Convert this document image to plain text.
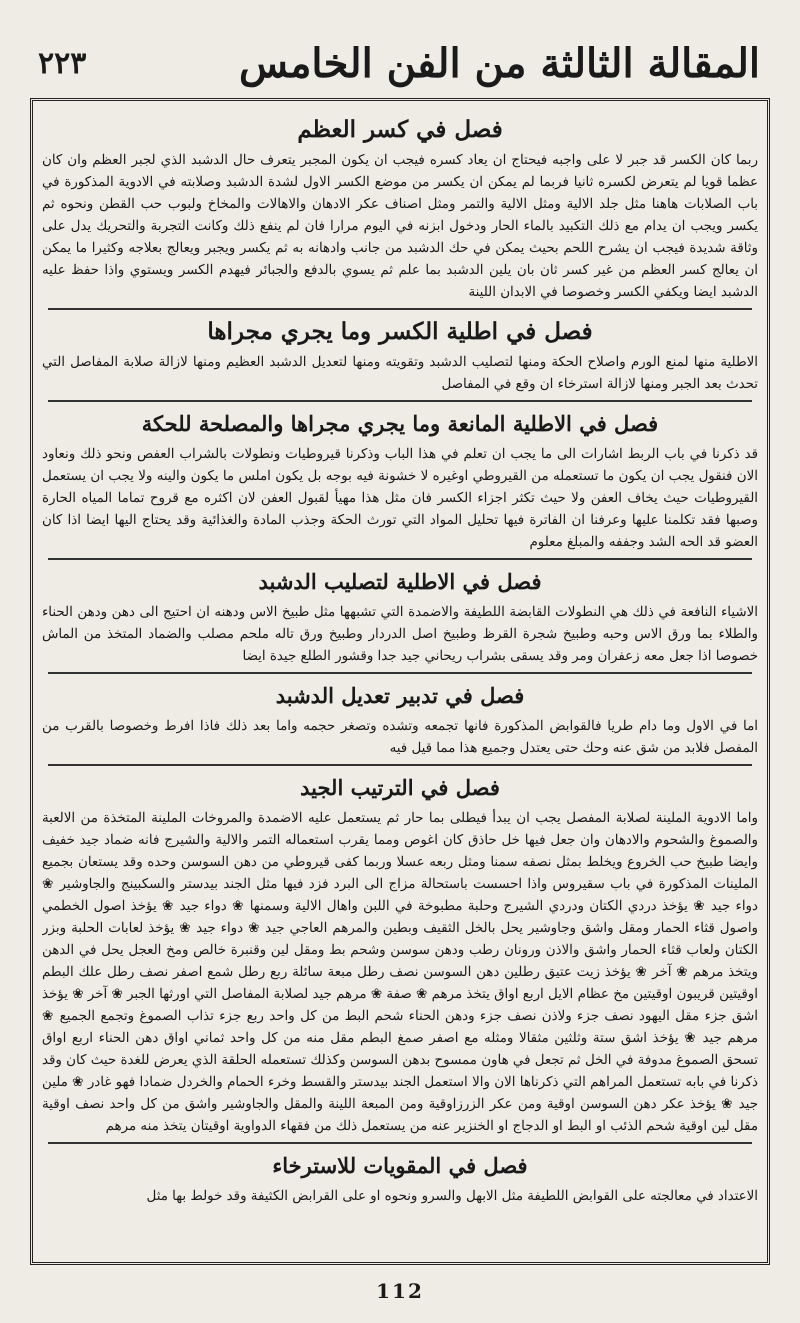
المقالة الثالثة من الفن الخامس
٢٢٣
فصل في كسر العظم

ربما كان الكسر قد جبر لا على واجبه فيحتاج ان يعاد كسره فيجب ان يكون المجبر يتعرف حال الدشبد الذي لجبر العظم وان كان عظما قويا لم يتعرض لكسره ثانيا فربما لم يمكن ان يكسر من موضع الكسر الاول لشدة الدشبد وصلابته في الادوية المذكورة في باب الصلابات هاهنا مثل جلد الالية ومثل الالية والتمر ومثل اصناف عكر الادهان والاهالات والمخاخ ولبوب حب القطن ونحوه ثم يكسر ويجب ان يدام مع ذلك التكبيد بالماء الحار ودخول ابزنه في اليوم مرارا فان لم ينفع ذلك وكانت التجربة والتحريك يدل على وثاقة شديدة فيجب ان يشرح اللحم بحيث يمكن في حك الدشبد من جانب وادهانه به ثم يكسر ويجبر ويعالج بعلاجه وكثيرا ما يمكن ان يعالج كسر العظم من غير كسر ثان بان يلين الدشبد بما علم ثم يسوي بالدفع والجبائر فيهدم الكسر ويستوي واذا حفظ عليه الدشبد ايضا ويكفي الكسر وخصوصا في الابدان اللينة

فصل في اطلية الكسر وما يجري مجراها

الاطلية منها لمنع الورم واصلاح الحكة ومنها لتصليب الدشبد وتقويته ومنها لتعديل الدشبد العظيم ومنها لازالة صلابة المفاصل التي تحدث بعد الجبر ومنها لازالة استرخاء ان وقع في المفاصل

فصل في الاطلية المانعة وما يجري مجراها والمصلحة للحكة

قد ذكرنا في باب الربط اشارات الى ما يجب ان تعلم في هذا الباب وذكرنا قيروطيات ونطولات بالشراب العفص ونحو ذلك ونعاود الان فنقول يجب ان يكون ما تستعمله من القيروطي اوغيره لا خشونة فيه بوجه بل يكون املس ما يكون والينه ولا يجب ان يستعمل القيروطيات حيث يخاف العفن ولا حيث تكثر اجزاء الكسر فان مثل هذا مهيأ لقبول العفن لان اكثره مع قروح تماما المياه الحارة وصبها فقد تكلمنا عليها وعرفنا ان الفاترة فيها تحليل المواد التي تورث الحكة وجذب المادة والغذائية وقد يحتاج اليها ايضا اذا كان العضو قد الحه الشد وجففه والمبلغ معلوم

فصل في الاطلية لتصليب الدشبد

الاشياء النافعة في ذلك هي النطولات القابضة اللطيفة والاضمدة التي تشبهها مثل طبيخ الاس ودهنه ان احتيج الى دهن ودهن الحناء والطلاء بما ورق الاس وحبه وطبيخ شجرة القرظ وطبيخ اصل الدردار وطبيخ ورق تاله ملحم مصلب والضماد المتخذ من الماش خصوصا اذا جعل معه زعفران ومر وقد يسقى بشراب ريحاني جيد جدا وقشور الطلع جيدة ايضا

فصل في تدبير تعديل الدشبد

اما في الاول وما دام طريا فالقوابض المذكورة فانها تجمعه وتشده وتصغر حجمه واما بعد ذلك فاذا افرط وخصوصا بالقرب من المفصل فلابد من شق عنه وحك حتى يعتدل وجميع هذا مما قيل فيه

فصل في الترتيب الجيد

واما الادوية الملينة لصلابة المفصل يجب ان يبدأ فيطلى بما حار ثم يستعمل عليه الاضمدة والمروخات الملينة المتخذة من الالعبة والصموغ والشحوم والادهان وان جعل فيها خل حاذق كان اغوص ومما يقرب استعماله التمر والالية والشيرج فانه ضماد جيد خفيف وايضا طبيخ حب الخروع ويخلط بمثل نصفه سمنا ومثل ربعه عسلا وربما كفى قيروطي من دهن السوسن وحده وقد يستعان بجميع الملينات المذكورة في باب سقيروس واذا احسست باستحالة مزاج الى البرد فزد فيها مثل الجند بيدستر والسكبينج والجاوشير ❀ دواء جيد ❀ يؤخذ دردي الكتان ودردي الشيرج وحلبة مطبوخة في اللبن واهال الالية وسمنها ❀ دواء جيد ❀ يؤخذ اصول الخطمي واصول قثاء الحمار ومقل واشق وجاوشير يحل بالخل الثقيف وبطين والمرهم العاجي جيد ❀ دواء جيد ❀ يؤخذ لعابات الحلبة وبزر الكتان ولعاب قثاء الحمار واشق والاذن ورونان رطب ودهن سوسن وشحم بط ومقل لين وقنبرة خالص ومخ العجل يحل في الدهن ويتخذ مرهم ❀ آخر ❀ يؤخذ زيت عتيق رطلين دهن السوسن نصف رطل مبعة سائلة ربع رطل شمع اصفر نصف رطل علك البطم اوقيتين قريبون اوقيتين مخ عظام الايل اربع اواق يتخذ مرهم ❀ صفة ❀ مرهم جيد لصلابة المفاصل التي اورثها الجبر ❀ آخر ❀ يؤخذ اشق جزء مقل اليهود نصف جزء ولاذن نصف جزء ودهن الحناء شحم البط من كل واحد ربع جزء تذاب الصموغ وتجمع الجميع ❀ مرهم جيد ❀ يؤخذ اشق ستة وثلثين مثقالا ومثله مع اصفر صمغ البطم مقل منه من كل واحد ثماني اواق دهن الحناء اربع اواق تسحق الصموغ مدوفة في الخل ثم تجعل في هاون ممسوح بدهن السوسن وكذلك تستعمله الحلقة الذي يعرض للغدة حيث كان وقد ذكرنا في بابه تستعمل المراهم التي ذكرناها الان والا استعمل الجند بيدستر والقسط وخرء الحمام والخردل ضمادا فهو غادر ❀ ملين جيد ❀ يؤخذ عكر دهن السوسن اوقية ومن عكر الزرزاوقية ومن المبعة اللينة والمقل والجاوشير واشق من كل واحد نصف اوقية مقل لين اوقية شحم الذئب او البط او الدجاج او الخنزير عنه من يستعمل ذلك من فقهاء الدواوية اوقيتان يتخذ منه مرهم

فصل في المقويات للاسترخاء

الاعتداد في معالجته على القوابض اللطيفة مثل الابهل والسرو ونحوه او على القرابض الكثيفة وقد خولط بها مثل

112
